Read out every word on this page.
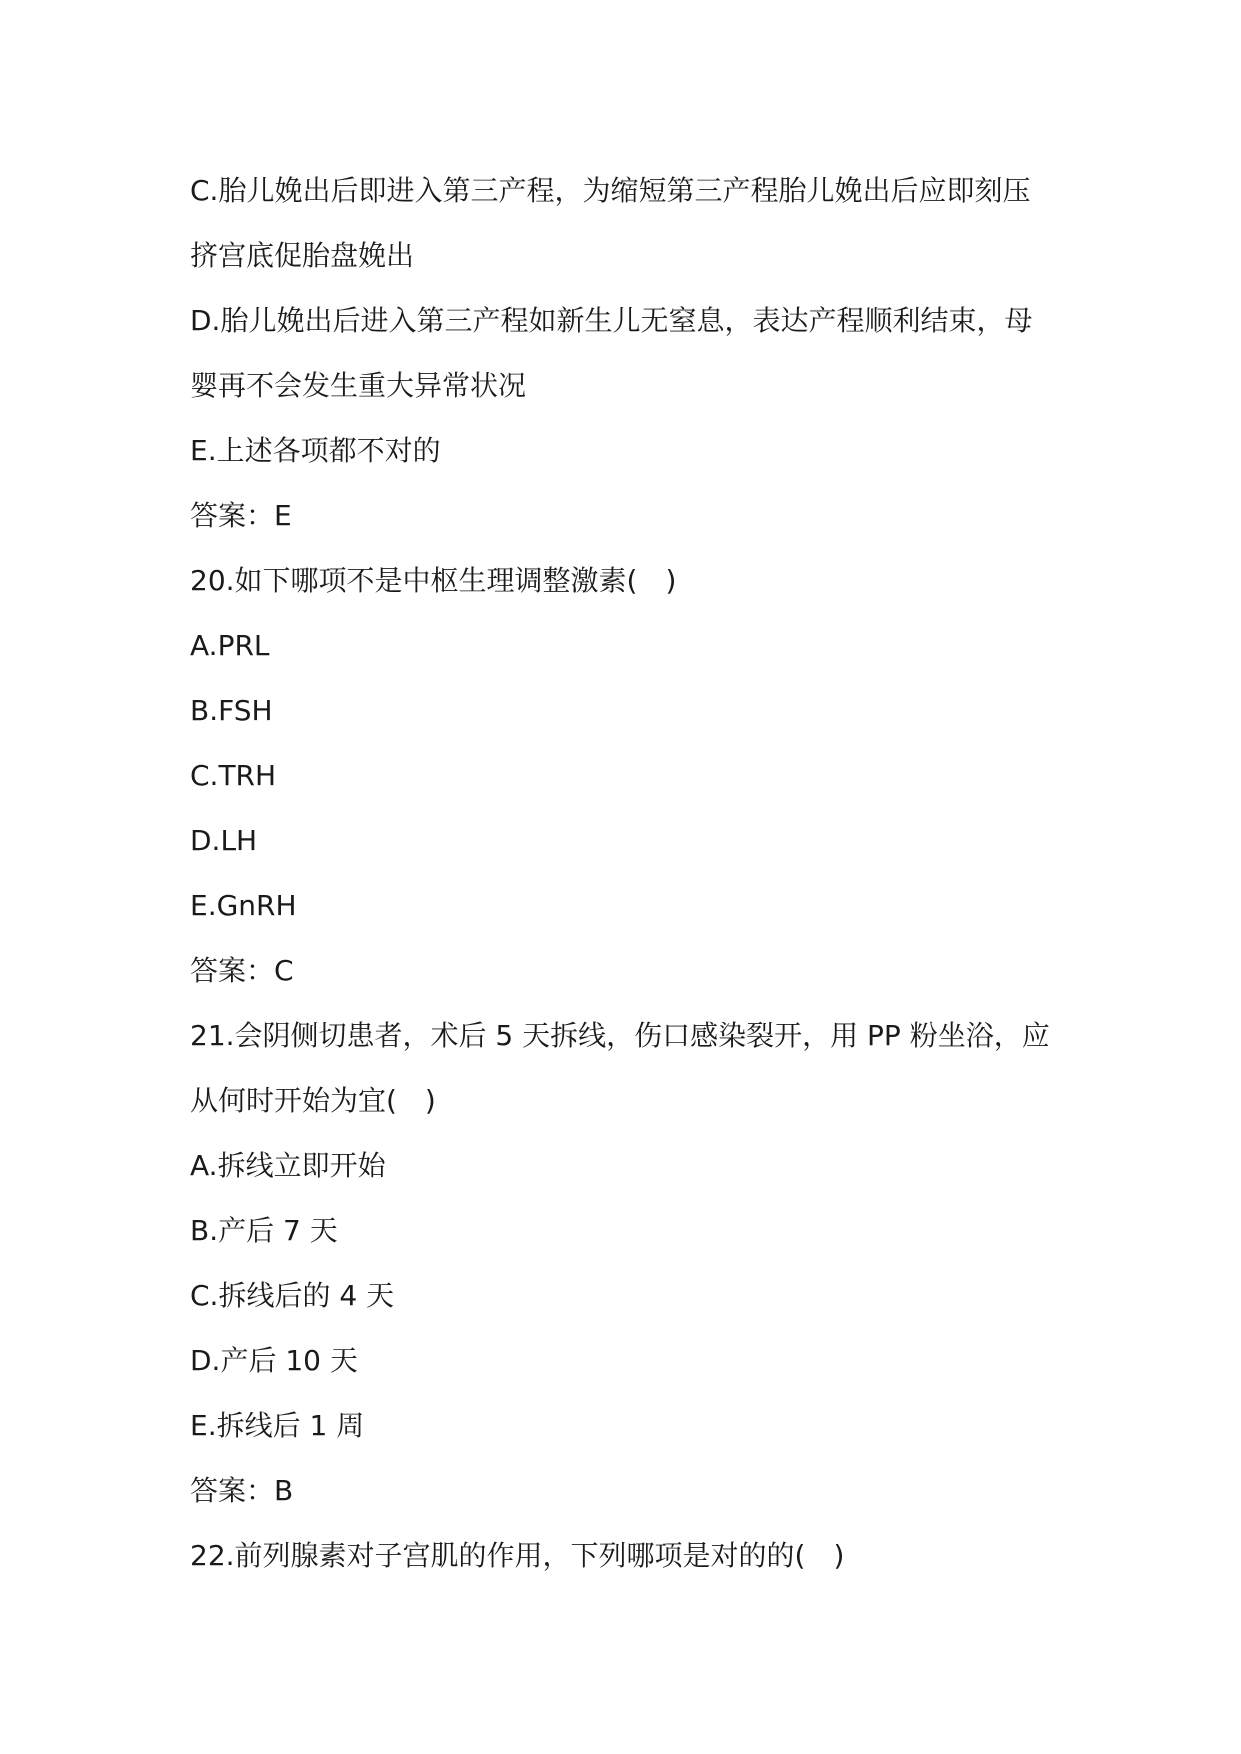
C.胎儿娩出后即进入第三产程，为缩短第三产程胎儿娩出后应即刻压
挤宫底促胎盘娩出
D.胎儿娩出后进入第三产程如新生儿无窒息，表达产程顺利结束，母
婴再不会发生重大异常状况
E.上述各项都不对的
答案：E
20.如下哪项不是中枢生理调整激素(　)
A.PRL
B.FSH
C.TRH
D.LH
E.GnRH
答案：C
21.会阴侧切患者，术后 5 天拆线，伤口感染裂开，用 PP 粉坐浴，应
从何时开始为宜(　)
A.拆线立即开始
B.产后 7 天
C.拆线后的 4 天
D.产后 10 天
E.拆线后 1 周
答案：B
22.前列腺素对子宫肌的作用，下列哪项是对的的(　)
